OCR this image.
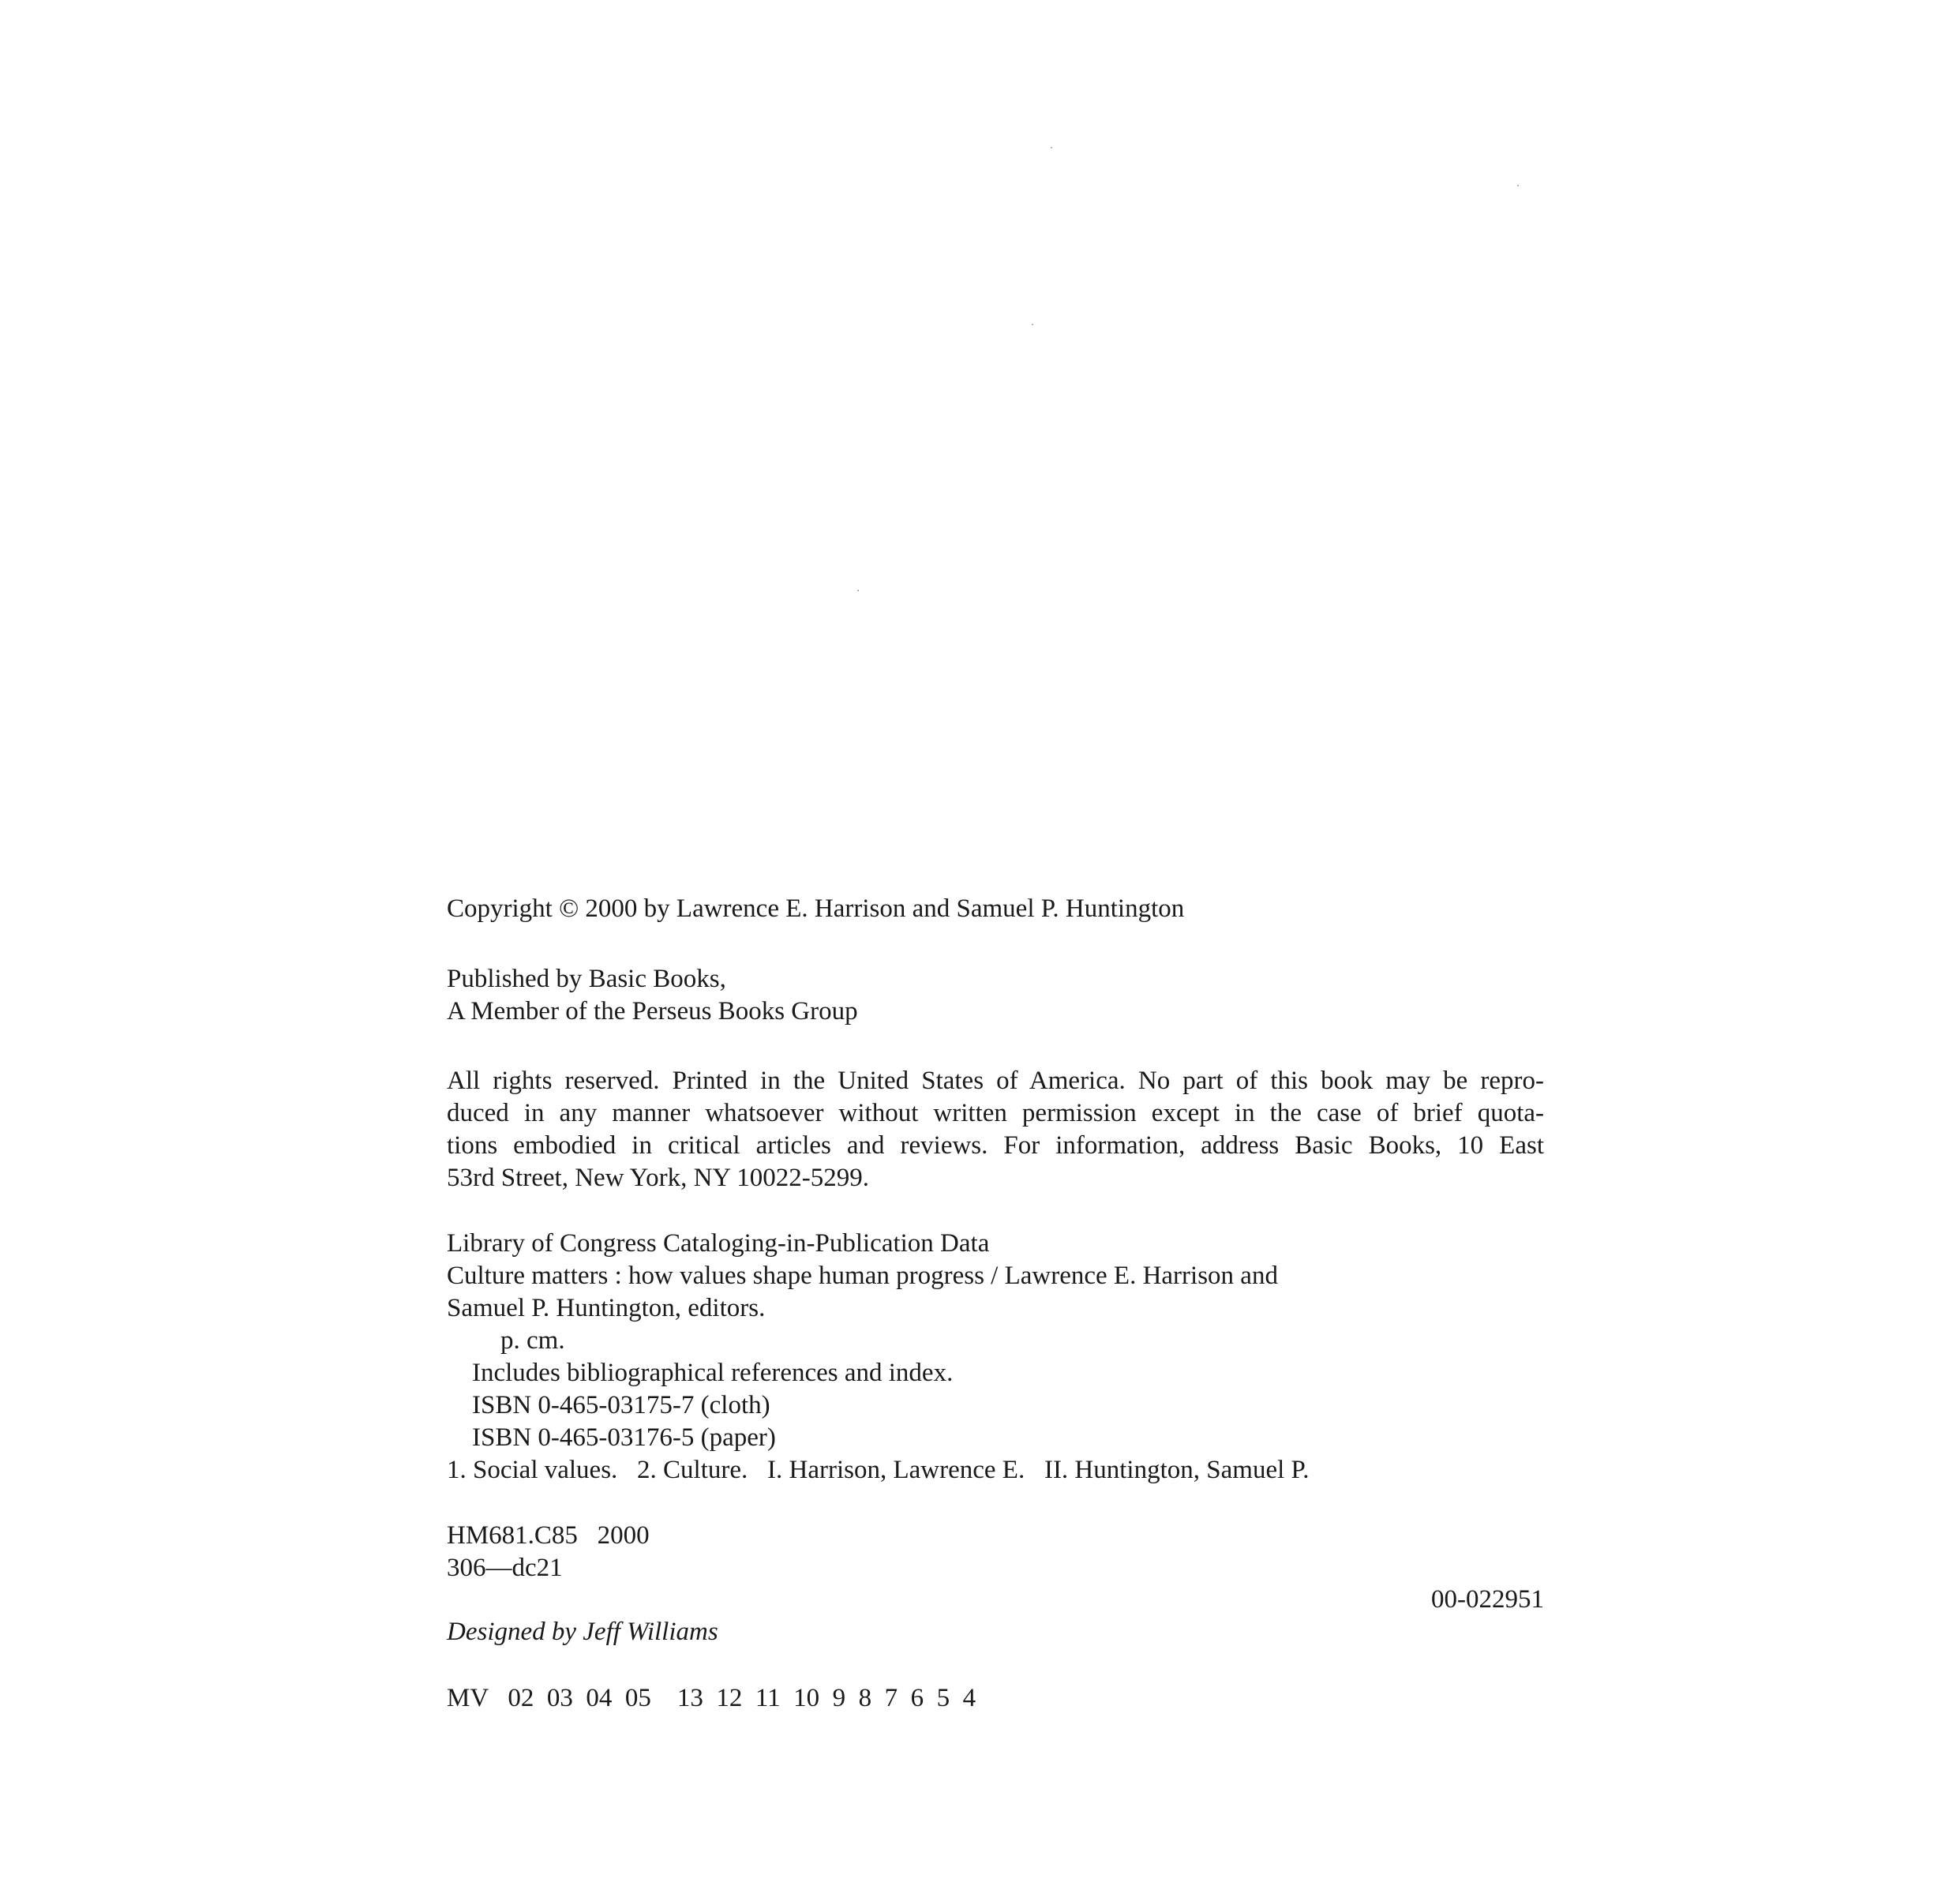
Copyright © 2000 by Lawrence E. Harrison and Samuel P. Huntington
Published by Basic Books,
A Member of the Perseus Books Group
All rights reserved. Printed in the United States of America. No part of this book may be repro-
duced in any manner whatsoever without written permission except in the case of brief quota-
tions embodied in critical articles and reviews. For information, address Basic Books, 10 East
53rd Street, New York, NY 10022-5299.
Library of Congress Cataloging-in-Publication Data
Culture matters : how values shape human progress / Lawrence E. Harrison and
Samuel P. Huntington, editors.
p. cm.
Includes bibliographical references and index.
ISBN 0-465-03175-7 (cloth)
ISBN 0-465-03176-5 (paper)
1. Social values.   2. Culture.   I. Harrison, Lawrence E.   II. Huntington, Samuel P.
HM681.C85   2000
306—dc21
00-022951
Designed by Jeff Williams
MV   02  03  04  05    13  12  11  10  9  8  7  6  5  4
